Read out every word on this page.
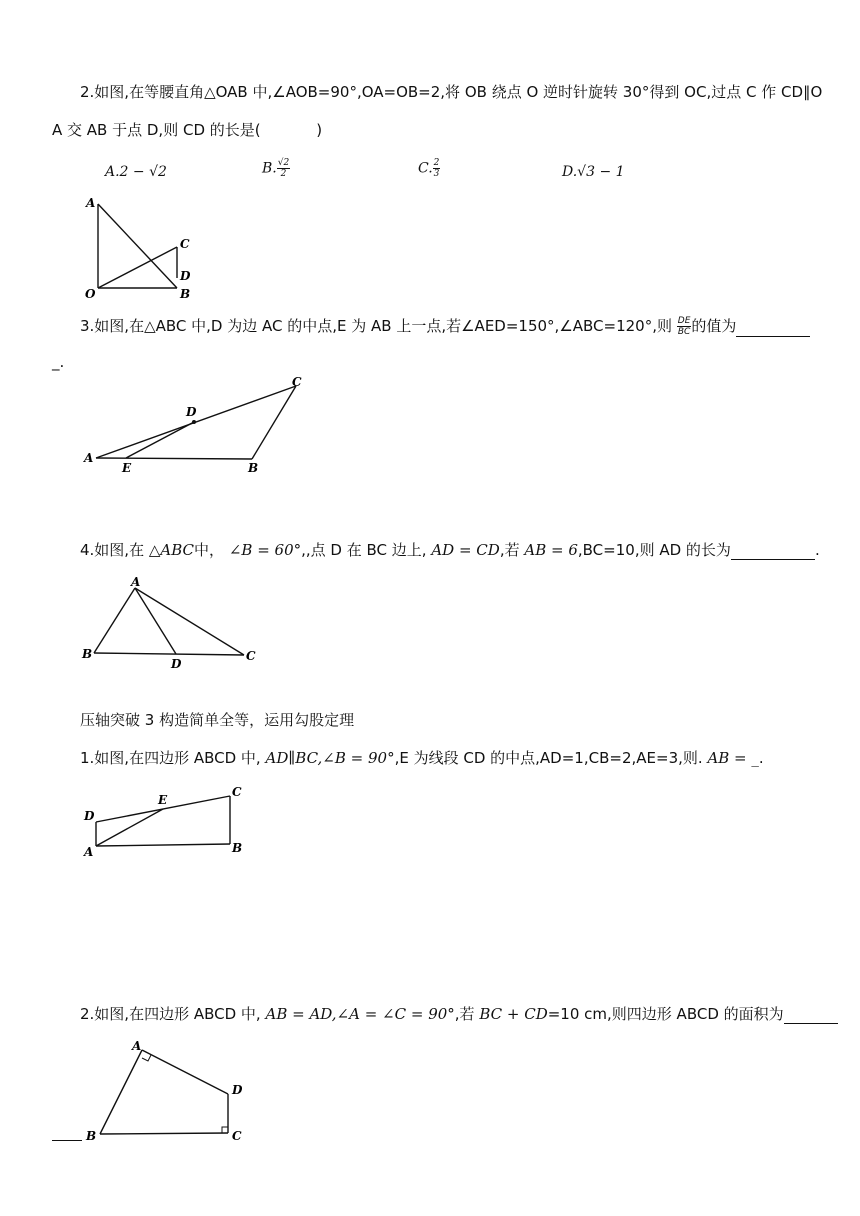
2.如图,在等腰直角△OAB 中,∠AOB=90°,OA=OB=2,将 OB 绕点 O 逆时针旋转 30°得到 OC,过点 C 作 CD∥O
A 交 AB 于点 D,则 CD 的长是(	)
A.2 − √2	B. $\frac{√2}{2}$	C. $\frac{2}{3}$	D.√3 − 1
A
C
D
O	B
3.如图,在△ABC 中,D 为边 AC 的中点,E 为 AB 上一点,若∠AED=150°,∠ABC=120°,则 $\frac{DE}{BC}$ 的值为
_.
A
E	B
D
C
4.如图,在 △ABC中， ∠B = 60°,,点 D 在 BC 边上, AD = CD,若 AB = 6,BC=10,则 AD 的长为	.
A
B
D
C
压轴突破 3 构造简单全等，运用勾股定理
1.如图,在四边形 ABCD 中, AD∥BC,∠B = 90°,E 为线段 CD 的中点,AD=1,CB=2,AE=3,则. AB = _.
D
E
C
A	B
2.如图,在四边形 ABCD 中, AB = AD,∠A = ∠C = 90°,若 BC + CD=10 cm,则四边形 ABCD 的面积为
A
D
B	C
